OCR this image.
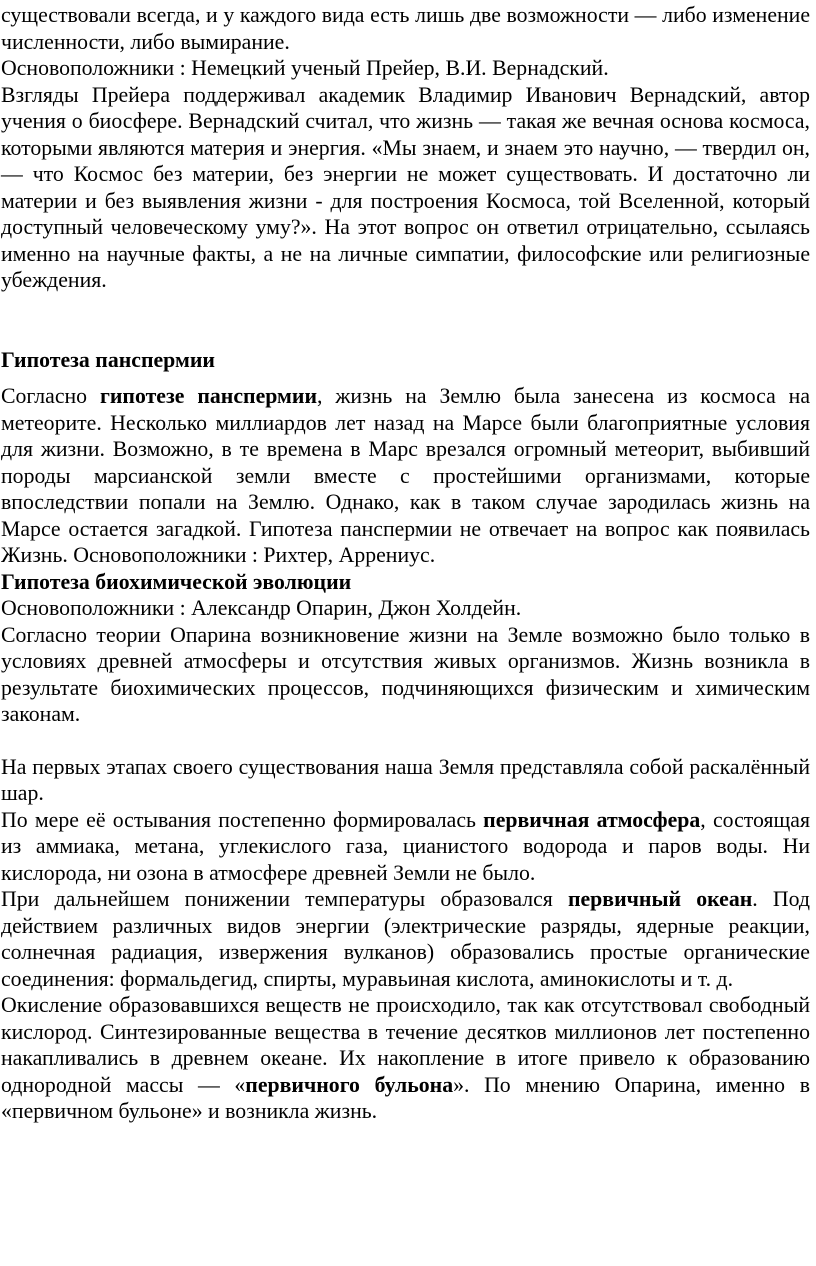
существовали всегда, и у каждого вида есть лишь две возможности — либо изменение численности, либо вымирание.

Основоположники : Немецкий ученый Прейер, В.И. Вернадский.

Взгляды Прейера поддерживал академик Владимир Иванович Вернадский, автор учения о биосфере. Вернадский считал, что жизнь — такая же вечная основа космоса, которыми являются материя и энергия. «Мы знаем, и знаем это научно, — твердил он, — что Космос без материи, без энергии не может существовать. И достаточно ли материи и без выявления жизни - для построения Космоса, той Вселенной, который доступный человеческому уму?». На этот вопрос он ответил отрицательно, ссылаясь именно на научные факты, а не на личные симпатии, философские или религиозные убеждения.

Гипотеза панспермии

Согласно гипотезе панспермии, жизнь на Землю была занесена из космоса на метеорите. Несколько миллиардов лет назад на Марсе были благоприятные условия для жизни. Возможно, в те времена в Марс врезался огромный метеорит, выбивший породы марсианской земли вместе с простейшими организмами, которые впоследствии попали на Землю. Однако, как в таком случае зародилась жизнь на Марсе остается загадкой. Гипотеза панспермии не отвечает на вопрос как появилась Жизнь. Основоположники : Рихтер, Аррениус.

Гипотеза биохимической эволюции

Основоположники : Александр Опарин, Джон Холдейн.

Согласно теории Опарина возникновение жизни на Земле возможно было только в условиях древней атмосферы и отсутствия живых организмов. Жизнь возникла в результате биохимических процессов, подчиняющихся физическим и химическим законам.

На первых этапах своего существования наша Земля представляла собой раскалённый шар.

По мере её остывания постепенно формировалась первичная атмосфера, состоящая из аммиака, метана, углекислого газа, цианистого водорода и паров воды. Ни кислорода, ни озона в атмосфере древней Земли не было.

При дальнейшем понижении температуры образовался первичный океан. Под действием различных видов энергии (электрические разряды, ядерные реакции, солнечная радиация, извержения вулканов) образовались простые органические соединения: формальдегид, спирты, муравьиная кислота, аминокислоты и т. д.

Окисление образовавшихся веществ не происходило, так как отсутствовал свободный кислород. Синтезированные вещества в течение десятков миллионов лет постепенно накапливались в древнем океане. Их накопление в итоге привело к образованию однородной массы — «первичного бульона». По мнению Опарина, именно в «первичном бульоне» и возникла жизнь.
